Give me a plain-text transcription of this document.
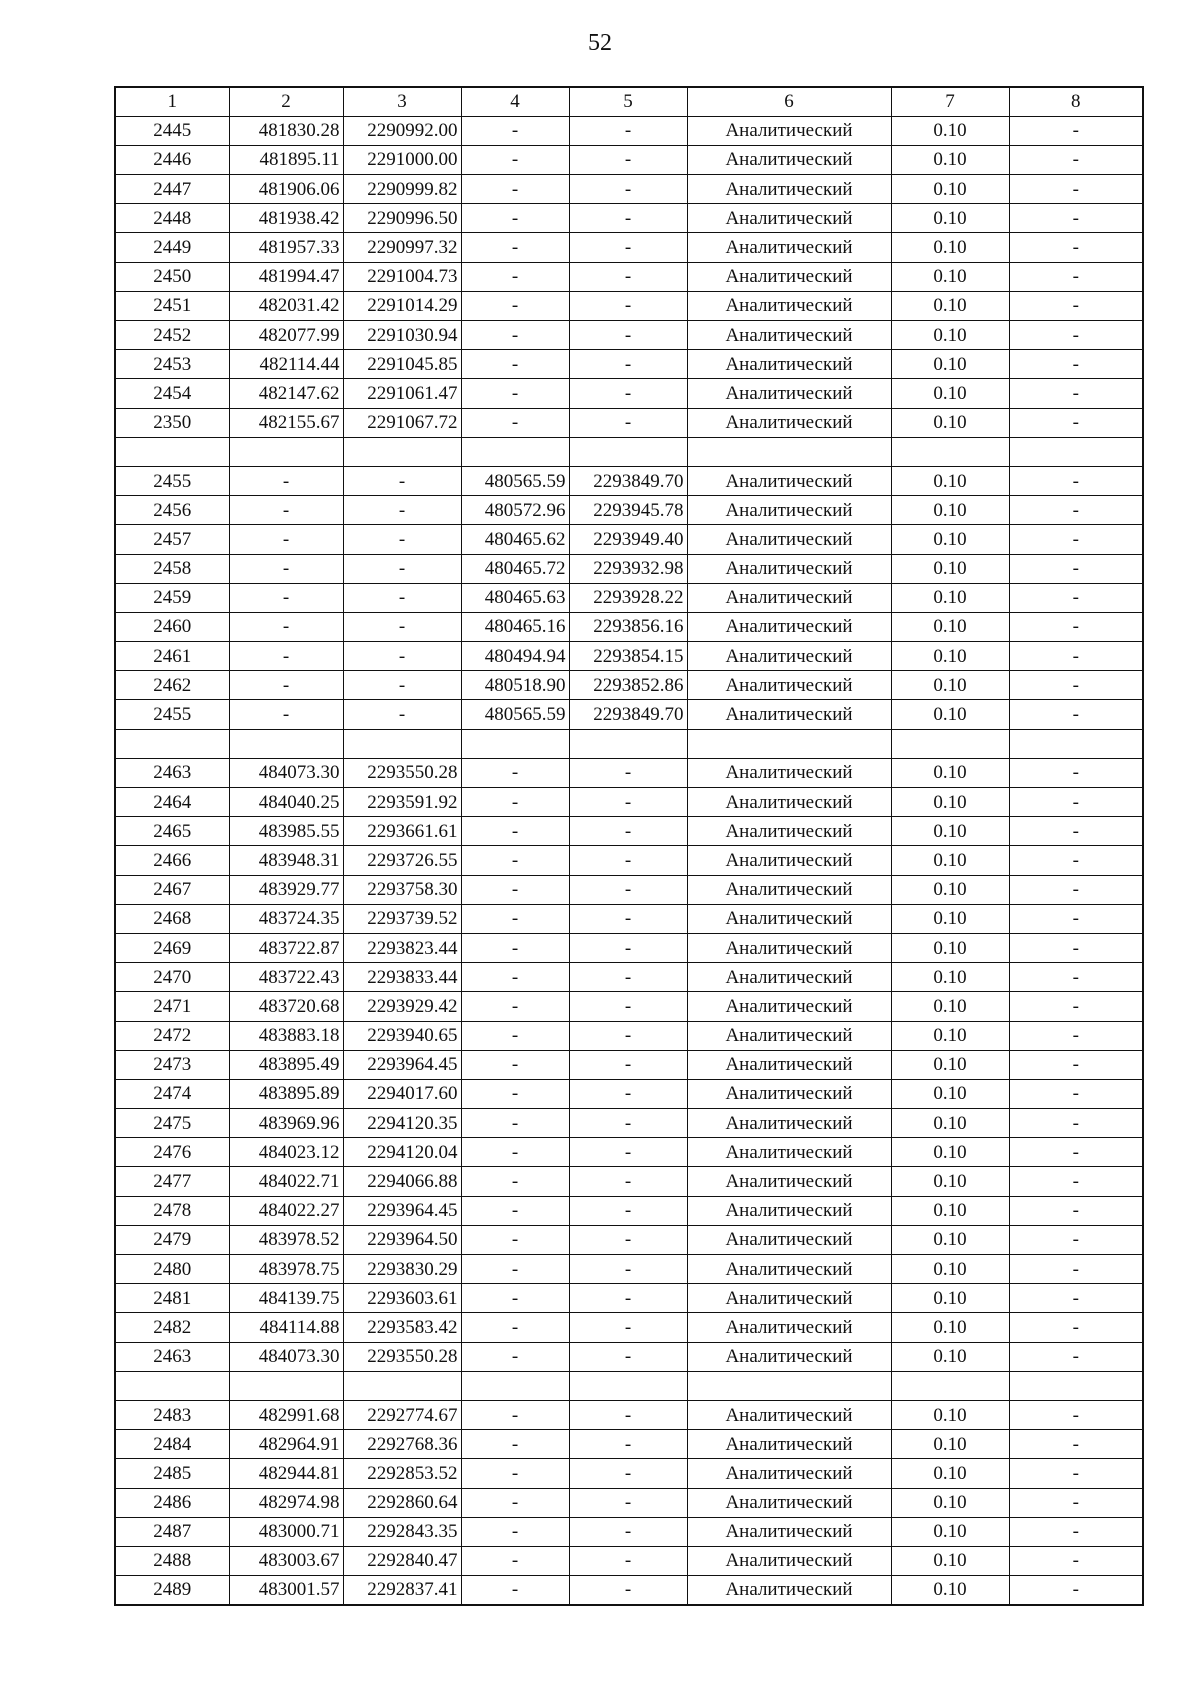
52
1	2	3	4	5	6	7	8
2445	481830.28	2290992.00	-	-	Аналитический	0.10	-
2446	481895.11	2291000.00	-	-	Аналитический	0.10	-
2447	481906.06	2290999.82	-	-	Аналитический	0.10	-
2448	481938.42	2290996.50	-	-	Аналитический	0.10	-
2449	481957.33	2290997.32	-	-	Аналитический	0.10	-
2450	481994.47	2291004.73	-	-	Аналитический	0.10	-
2451	482031.42	2291014.29	-	-	Аналитический	0.10	-
2452	482077.99	2291030.94	-	-	Аналитический	0.10	-
2453	482114.44	2291045.85	-	-	Аналитический	0.10	-
2454	482147.62	2291061.47	-	-	Аналитический	0.10	-
2350	482155.67	2291067.72	-	-	Аналитический	0.10	-

2455	-	-	480565.59	2293849.70	Аналитический	0.10	-
2456	-	-	480572.96	2293945.78	Аналитический	0.10	-
2457	-	-	480465.62	2293949.40	Аналитический	0.10	-
2458	-	-	480465.72	2293932.98	Аналитический	0.10	-
2459	-	-	480465.63	2293928.22	Аналитический	0.10	-
2460	-	-	480465.16	2293856.16	Аналитический	0.10	-
2461	-	-	480494.94	2293854.15	Аналитический	0.10	-
2462	-	-	480518.90	2293852.86	Аналитический	0.10	-
2455	-	-	480565.59	2293849.70	Аналитический	0.10	-

2463	484073.30	2293550.28	-	-	Аналитический	0.10	-
2464	484040.25	2293591.92	-	-	Аналитический	0.10	-
2465	483985.55	2293661.61	-	-	Аналитический	0.10	-
2466	483948.31	2293726.55	-	-	Аналитический	0.10	-
2467	483929.77	2293758.30	-	-	Аналитический	0.10	-
2468	483724.35	2293739.52	-	-	Аналитический	0.10	-
2469	483722.87	2293823.44	-	-	Аналитический	0.10	-
2470	483722.43	2293833.44	-	-	Аналитический	0.10	-
2471	483720.68	2293929.42	-	-	Аналитический	0.10	-
2472	483883.18	2293940.65	-	-	Аналитический	0.10	-
2473	483895.49	2293964.45	-	-	Аналитический	0.10	-
2474	483895.89	2294017.60	-	-	Аналитический	0.10	-
2475	483969.96	2294120.35	-	-	Аналитический	0.10	-
2476	484023.12	2294120.04	-	-	Аналитический	0.10	-
2477	484022.71	2294066.88	-	-	Аналитический	0.10	-
2478	484022.27	2293964.45	-	-	Аналитический	0.10	-
2479	483978.52	2293964.50	-	-	Аналитический	0.10	-
2480	483978.75	2293830.29	-	-	Аналитический	0.10	-
2481	484139.75	2293603.61	-	-	Аналитический	0.10	-
2482	484114.88	2293583.42	-	-	Аналитический	0.10	-
2463	484073.30	2293550.28	-	-	Аналитический	0.10	-

2483	482991.68	2292774.67	-	-	Аналитический	0.10	-
2484	482964.91	2292768.36	-	-	Аналитический	0.10	-
2485	482944.81	2292853.52	-	-	Аналитический	0.10	-
2486	482974.98	2292860.64	-	-	Аналитический	0.10	-
2487	483000.71	2292843.35	-	-	Аналитический	0.10	-
2488	483003.67	2292840.47	-	-	Аналитический	0.10	-
2489	483001.57	2292837.41	-	-	Аналитический	0.10	-
